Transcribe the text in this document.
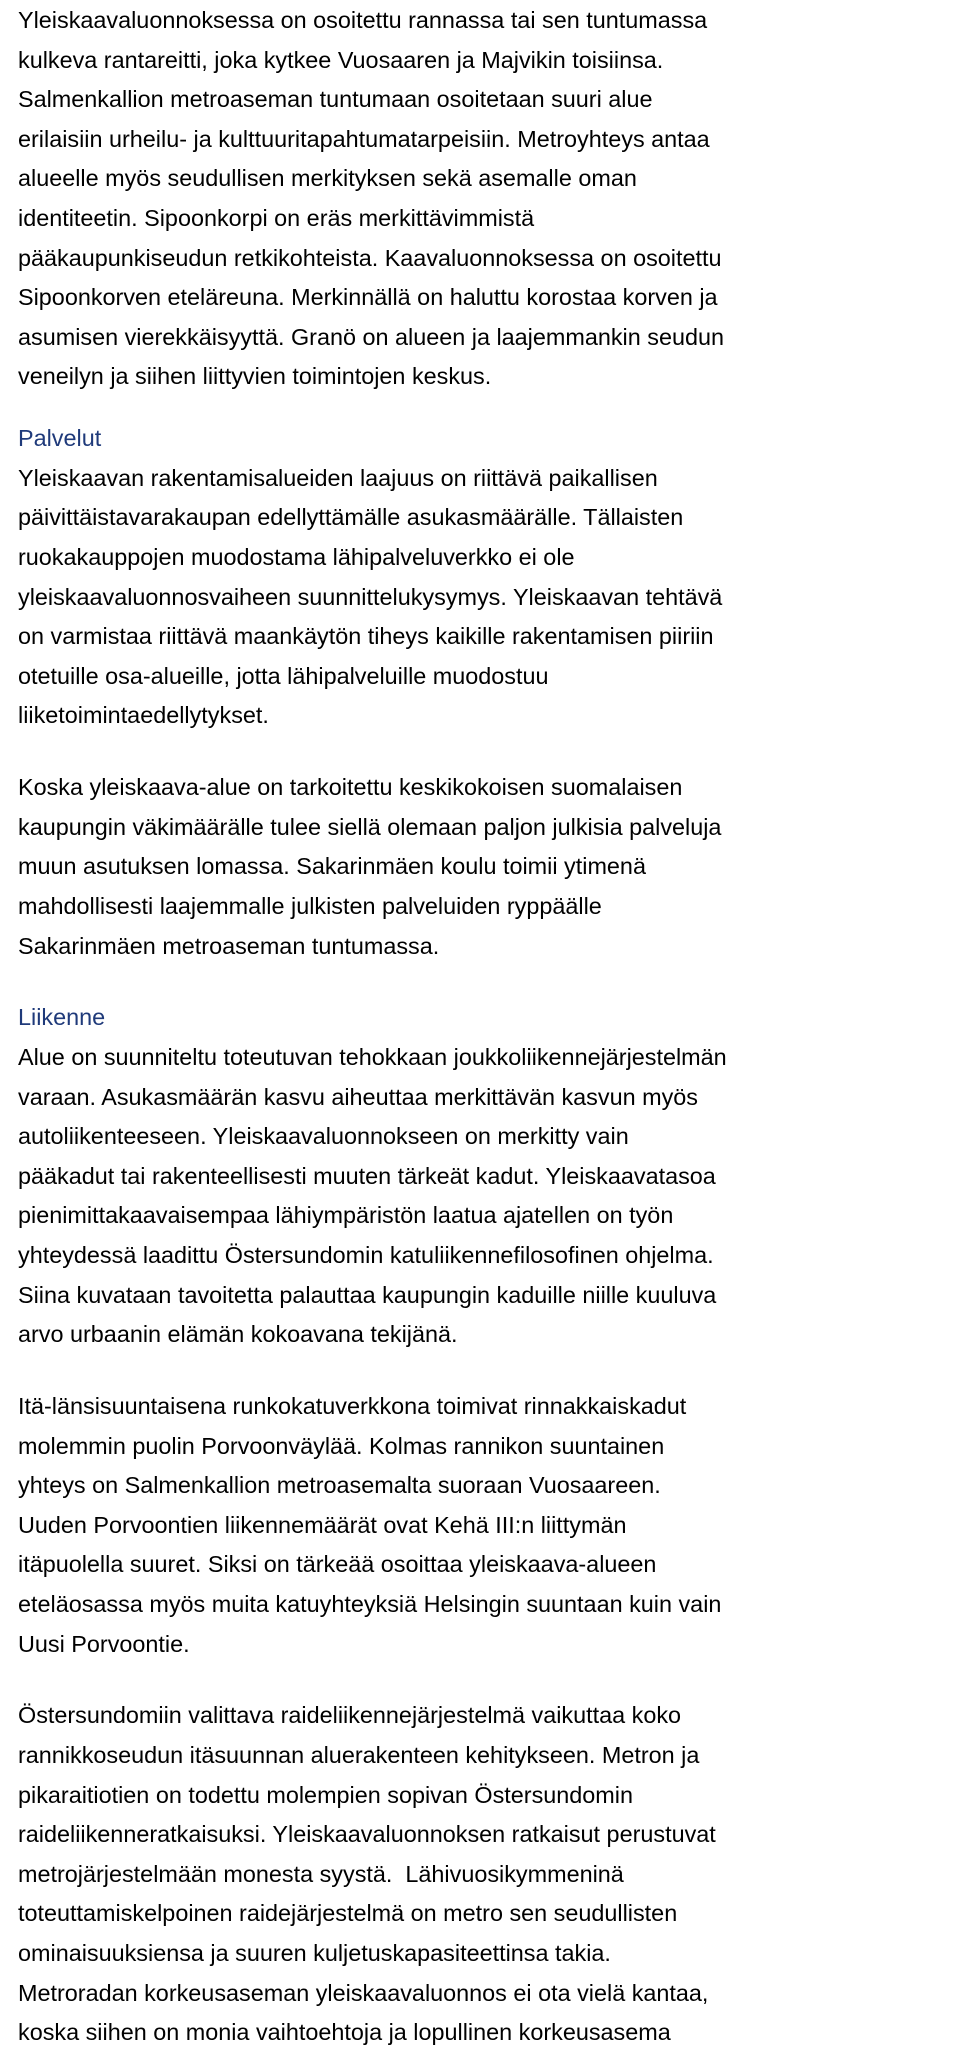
Yleiskaavaluonnoksessa on osoitettu rannassa tai sen tuntumassa
kulkeva rantareitti, joka kytkee Vuosaaren ja Majvikin toisiinsa.
Salmenkallion metroaseman tuntumaan osoitetaan suuri alue
erilaisiin urheilu- ja kulttuuritapahtumatarpeisiin. Metroyhteys antaa
alueelle myös seudullisen merkityksen sekä asemalle oman
identiteetin. Sipoonkorpi on eräs merkittävimmistä
pääkaupunkiseudun retkikohteista. Kaavaluonnoksessa on osoitettu
Sipoonkorven eteläreuna. Merkinnällä on haluttu korostaa korven ja
asumisen vierekkäisyyttä. Granö on alueen ja laajemmankin seudun
veneilyn ja siihen liittyvien toimintojen keskus.
Palvelut
Yleiskaavan rakentamisalueiden laajuus on riittävä paikallisen
päivittäistavarakaupan edellyttämälle asukasmäärälle. Tällaisten
ruokakauppojen muodostama lähipalveluverkko ei ole
yleiskaavaluonnosvaiheen suunnittelukysymys. Yleiskaavan tehtävä
on varmistaa riittävä maankäytön tiheys kaikille rakentamisen piiriin
otetuille osa-alueille, jotta lähipalveluille muodostuu
liiketoimintaedellytykset.
Koska yleiskaava-alue on tarkoitettu keskikokoisen suomalaisen
kaupungin väkimäärälle tulee siellä olemaan paljon julkisia palveluja
muun asutuksen lomassa. Sakarinmäen koulu toimii ytimenä
mahdollisesti laajemmalle julkisten palveluiden ryppäälle
Sakarinmäen metroaseman tuntumassa.
Liikenne
Alue on suunniteltu toteutuvan tehokkaan joukkoliikennejärjestelmän
varaan. Asukasmäärän kasvu aiheuttaa merkittävän kasvun myös
autoliikenteeseen. Yleiskaavaluonnokseen on merkitty vain
pääkadut tai rakenteellisesti muuten tärkeät kadut. Yleiskaavatasoa
pienimittakaavaisempaa lähiympäristön laatua ajatellen on työn
yhteydessä laadittu Östersundomin katuliikennefilosofinen ohjelma.
Siina kuvataan tavoitetta palauttaa kaupungin kaduille niille kuuluva
arvo urbaanin elämän kokoavana tekijänä.
Itä-länsisuuntaisena runkokatuverkkona toimivat rinnakkaiskadut
molemmin puolin Porvoonväylää. Kolmas rannikon suuntainen
yhteys on Salmenkallion metroasemalta suoraan Vuosaareen.
Uuden Porvoontien liikennemäärät ovat Kehä III:n liittymän
itäpuolella suuret. Siksi on tärkeää osoittaa yleiskaava-alueen
eteläosassa myös muita katuyhteyksiä Helsingin suuntaan kuin vain
Uusi Porvoontie.
Östersundomiin valittava raideliikennejärjestelmä vaikuttaa koko
rannikkoseudun itäsuunnan aluerakenteen kehitykseen. Metron ja
pikaraitiotien on todettu molempien sopivan Östersundomin
raideliikenneratkaisuksi. Yleiskaavaluonnoksen ratkaisut perustuvat
metrojärjestelmään monesta syystä.  Lähivuosikymmeninä
toteuttamiskelpoinen raidejärjestelmä on metro sen seudullisten
ominaisuuksiensa ja suuren kuljetuskapasiteettinsa takia.
Metroradan korkeusaseman yleiskaavaluonnos ei ota vielä kantaa,
koska siihen on monia vaihtoehtoja ja lopullinen korkeusasema
